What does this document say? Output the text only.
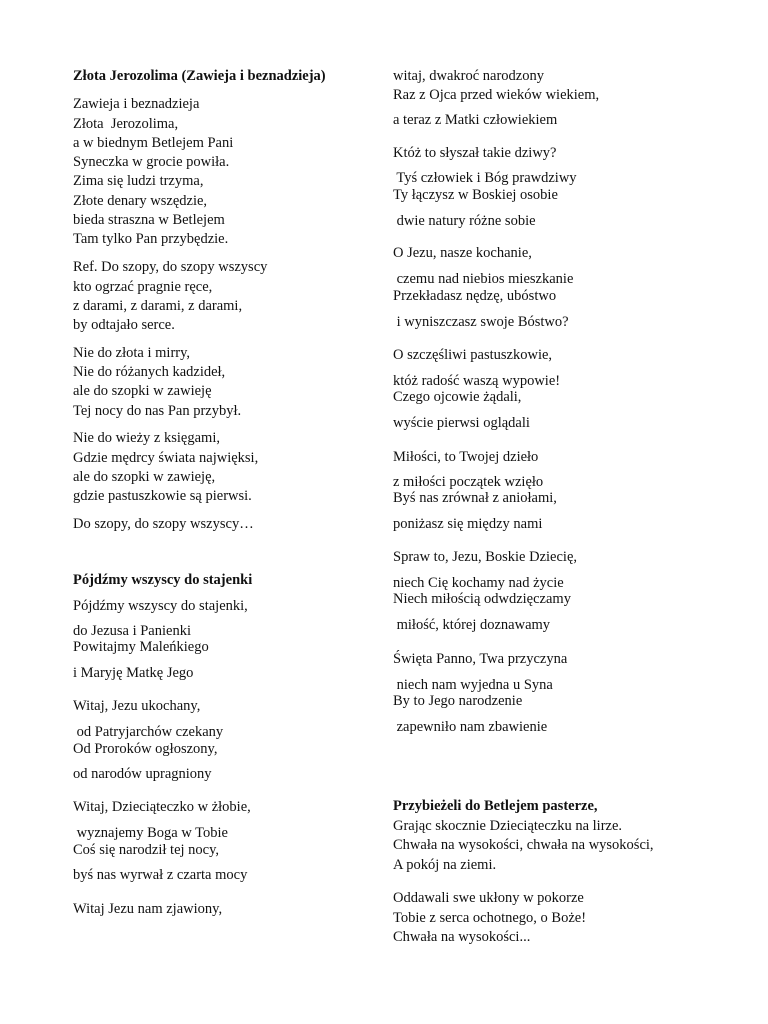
Złota Jerozolima (Zawieja i beznadzieja)
Zawieja i beznadzieja
Złota  Jerozolima,
a w biednym Betlejem Pani
Syneczka w grocie powiła.
Zima się ludzi trzyma,
Złote denary wszędzie,
bieda straszna w Betlejem
Tam tylko Pan przybędzie.
Ref. Do szopy, do szopy wszyscy
kto ogrzać pragnie ręce,
z darami, z darami, z darami,
by odtajało serce.
Nie do złota i mirry,
Nie do różanych kadzideł,
ale do szopki w zawieję
Tej nocy do nas Pan przybył.
Nie do wieży z księgami,
Gdzie mędrcy świata najwięksi,
ale do szopki w zawieję,
gdzie pastuszkowie są pierwsi.
Do szopy, do szopy wszyscy…
Pójdźmy wszyscy do stajenki
Pójdźmy wszyscy do stajenki,
do Jezusa i Panienki
Powitajmy Maleńkiego
i Maryję Matkę Jego
Witaj, Jezu ukochany,
od Patryjarchów czekany
Od Proroków ogłoszony,
od narodów upragniony
Witaj, Dzieciąteczko w żłobie,
wyznajemy Boga w Tobie
Coś się narodził tej nocy,
byś nas wyrwał z czarta mocy
Witaj Jezu nam zjawiony,
witaj, dwakroć narodzony
Raz z Ojca przed wieków wiekiem,
a teraz z Matki człowiekiem
Któż to słyszał takie dziwy?
Tyś człowiek i Bóg prawdziwy
Ty łączysz w Boskiej osobie
dwie natury różne sobie
O Jezu, nasze kochanie,
czemu nad niebios mieszkanie
Przekładasz nędzę, ubóstwo
i wyniszczasz swoje Bóstwo?
O szczęśliwi pastuszkowie,
któż radość waszą wypowie!
Czego ojcowie żądali,
wyście pierwsi oglądali
Miłości, to Twojej dzieło
z miłości początek wzięło
Byś nas zrównał z aniołami,
poniżasz się między nami
Spraw to, Jezu, Boskie Dziecię,
niech Cię kochamy nad życie
Niech miłością odwdzięczamy
miłość, której doznawamy
Święta Panno, Twa przyczyna
niech nam wyjedna u Syna
By to Jego narodzenie
zapewniło nam zbawienie
Przybieżeli do Betlejem pasterze,
Grając skocznie Dzieciąteczku na lirze.
Chwała na wysokości, chwała na wysokości,
A pokój na ziemi.
Oddawali swe ukłony w pokorze
Tobie z serca ochotnego, o Boże!
Chwała na wysokości...
